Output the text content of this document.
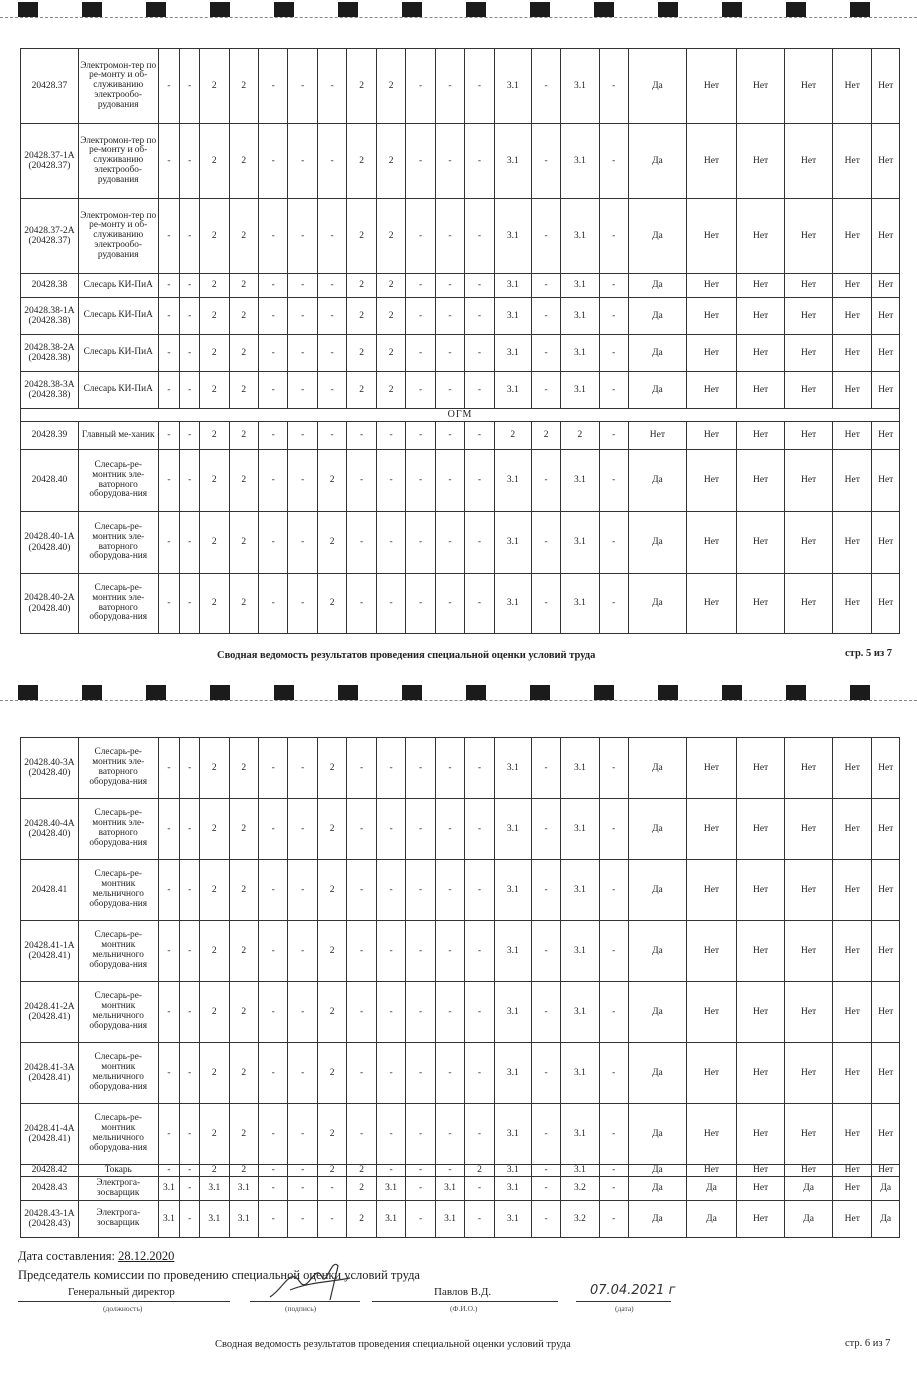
20428.37	Электромон-тер по ре-монту и об-служиванию электрообо-рудования	-	-	2	2	-	-	-	2	2	-	-	-	3.1	-	3.1	-	Да	Нет	Нет	Нет	Нет	Нет
20428.37-1А (20428.37)	Электромон-тер по ре-монту и об-служиванию электрообо-рудования	-	-	2	2	-	-	-	2	2	-	-	-	3.1	-	3.1	-	Да	Нет	Нет	Нет	Нет	Нет
20428.37-2А (20428.37)	Электромон-тер по ре-монту и об-служиванию электрообо-рудования	-	-	2	2	-	-	-	2	2	-	-	-	3.1	-	3.1	-	Да	Нет	Нет	Нет	Нет	Нет
20428.38	Слесарь КИ-ПиА	-	-	2	2	-	-	-	2	2	-	-	-	3.1	-	3.1	-	Да	Нет	Нет	Нет	Нет	Нет
20428.38-1А (20428.38)	Слесарь КИ-ПиА	-	-	2	2	-	-	-	2	2	-	-	-	3.1	-	3.1	-	Да	Нет	Нет	Нет	Нет	Нет
20428.38-2А (20428.38)	Слесарь КИ-ПиА	-	-	2	2	-	-	-	2	2	-	-	-	3.1	-	3.1	-	Да	Нет	Нет	Нет	Нет	Нет
20428.38-3А (20428.38)	Слесарь КИ-ПиА	-	-	2	2	-	-	-	2	2	-	-	-	3.1	-	3.1	-	Да	Нет	Нет	Нет	Нет	Нет
ОГМ																							
20428.39	Главный ме-ханик	-	-	2	2	-	-	-	-	-	-	-	-	2	2	2	-	Нет	Нет	Нет	Нет	Нет	Нет
20428.40	Слесарь-ре-монтник эле-ваторного оборудова-ния	-	-	2	2	-	-	2	-	-	-	-	-	3.1	-	3.1	-	Да	Нет	Нет	Нет	Нет	Нет
20428.40-1А (20428.40)	Слесарь-ре-монтник эле-ваторного оборудова-ния	-	-	2	2	-	-	2	-	-	-	-	-	3.1	-	3.1	-	Да	Нет	Нет	Нет	Нет	Нет
20428.40-2А (20428.40)	Слесарь-ре-монтник эле-ваторного оборудова-ния	-	-	2	2	-	-	2	-	-	-	-	-	3.1	-	3.1	-	Да	Нет	Нет	Нет	Нет	Нет
Сводная ведомость результатов проведения специальной оценки условий труда	стр. 5 из 7
20428.40-3А (20428.40)	Слесарь-ре-монтник эле-ваторного оборудова-ния	-	-	2	2	-	-	2	-	-	-	-	-	3.1	-	3.1	-	Да	Нет	Нет	Нет	Нет	Нет
20428.40-4А (20428.40)	Слесарь-ре-монтник эле-ваторного оборудова-ния	-	-	2	2	-	-	2	-	-	-	-	-	3.1	-	3.1	-	Да	Нет	Нет	Нет	Нет	Нет
20428.41	Слесарь-ре-монтник мельничного оборудова-ния	-	-	2	2	-	-	2	-	-	-	-	-	3.1	-	3.1	-	Да	Нет	Нет	Нет	Нет	Нет
20428.41-1А (20428.41)	Слесарь-ре-монтник мельничного оборудова-ния	-	-	2	2	-	-	2	-	-	-	-	-	3.1	-	3.1	-	Да	Нет	Нет	Нет	Нет	Нет
20428.41-2А (20428.41)	Слесарь-ре-монтник мельничного оборудова-ния	-	-	2	2	-	-	2	-	-	-	-	-	3.1	-	3.1	-	Да	Нет	Нет	Нет	Нет	Нет
20428.41-3А (20428.41)	Слесарь-ре-монтник мельничного оборудова-ния	-	-	2	2	-	-	2	-	-	-	-	-	3.1	-	3.1	-	Да	Нет	Нет	Нет	Нет	Нет
20428.41-4А (20428.41)	Слесарь-ре-монтник мельничного оборудова-ния	-	-	2	2	-	-	2	-	-	-	-	-	3.1	-	3.1	-	Да	Нет	Нет	Нет	Нет	Нет
20428.42	Токарь	-	-	2	2	-	-	2	2	-	-	-	2	3.1	-	3.1	-	Да	Нет	Нет	Нет	Нет	Нет
20428.43	Электрога-зосварщик	3.1	-	3.1	3.1	-	-	-	2	3.1	-	3.1	-	3.1	-	3.2	-	Да	Да	Нет	Да	Нет	Да
20428.43-1А (20428.43)	Электрога-зосварщик	3.1	-	3.1	3.1	-	-	-	2	3.1	-	3.1	-	3.1	-	3.2	-	Да	Да	Нет	Да	Нет	Да
Дата составления: 28.12.2020
Председатель комиссии по проведению специальной оценки условий труда
Генеральный директор
(должность)	(подпись)
Павлов В.Д.
(Ф.И.О.)
07.04.2021 г
(дата)
Сводная ведомость результатов проведения специальной оценки условий труда	стр. 6 из 7
